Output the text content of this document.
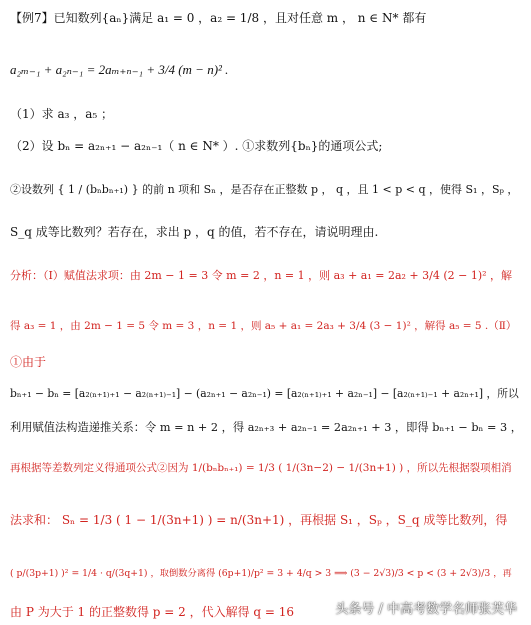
【例7】已知数列{aₙ}满足 a₁ = 0 ，a₂ = 1/8 ，且对任意 m ， n ∈ N* 都有
a₂ₘ₋₁ + a₂ₙ₋₁ = 2aₘ₊ₙ₋₁ + 3/4 (m − n)² .
（1）求 a₃ ，a₅ ；
（2）设 bₙ = a₂ₙ₊₁ − a₂ₙ₋₁（ n ∈ N* ）. ①求数列{bₙ}的通项公式;
②设数列 { 1 / (bₙbₙ₊₁) } 的前 n 项和 Sₙ ，是否存在正整数 p ， q ，且 1 < p < q ，使得 S₁ ，Sₚ ，
S_q 成等比数列？若存在，求出 p ，q 的值，若不存在，请说明理由.
分析：（Ⅰ）赋值法求项：由 2m − 1 = 3 令 m = 2 ，n = 1 ，则 a₃ + a₁ = 2a₂ + 3/4 (2 − 1)² ，解
得 a₃ = 1 ，由 2m − 1 = 5 令 m = 3 ，n = 1 ，则 a₅ + a₁ = 2a₃ + 3/4 (3 − 1)² ，解得 a₅ = 5 .（Ⅱ）
①由于
bₙ₊₁ − bₙ = [a₂₍ₙ₊₁₎₊₁ − a₂₍ₙ₊₁₎₋₁] − (a₂ₙ₊₁ − a₂ₙ₋₁) = [a₂₍ₙ₊₁₎₊₁ + a₂ₙ₋₁] − [a₂₍ₙ₊₁₎₋₁ + a₂ₙ₊₁] ，所以
利用赋值法构造递推关系：令 m = n + 2 ，得 a₂ₙ₊₃ + a₂ₙ₋₁ = 2a₂ₙ₊₁ + 3 ，即得 bₙ₊₁ − bₙ = 3 ，
再根据等差数列定义得通项公式②因为 1/(bₙbₙ₊₁) = 1/3 ( 1/(3n−2) − 1/(3n+1) ) ，所以先根据裂项相消
法求和： Sₙ = 1/3 ( 1 − 1/(3n+1) ) = n/(3n+1) ，再根据 S₁ ，Sₚ ，S_q 成等比数列，得
( p/(3p+1) )² = 1/4 · q/(3q+1) ，取倒数分离得 (6p+1)/p² = 3 + 4/q > 3 ⟹ (3 − 2√3)/3 < p < (3 + 2√3)/3 ，再
由 P 为大于 1 的正整数得 p = 2 ，代入解得 q = 16	头条号 / 中高考数学名师张芙华
